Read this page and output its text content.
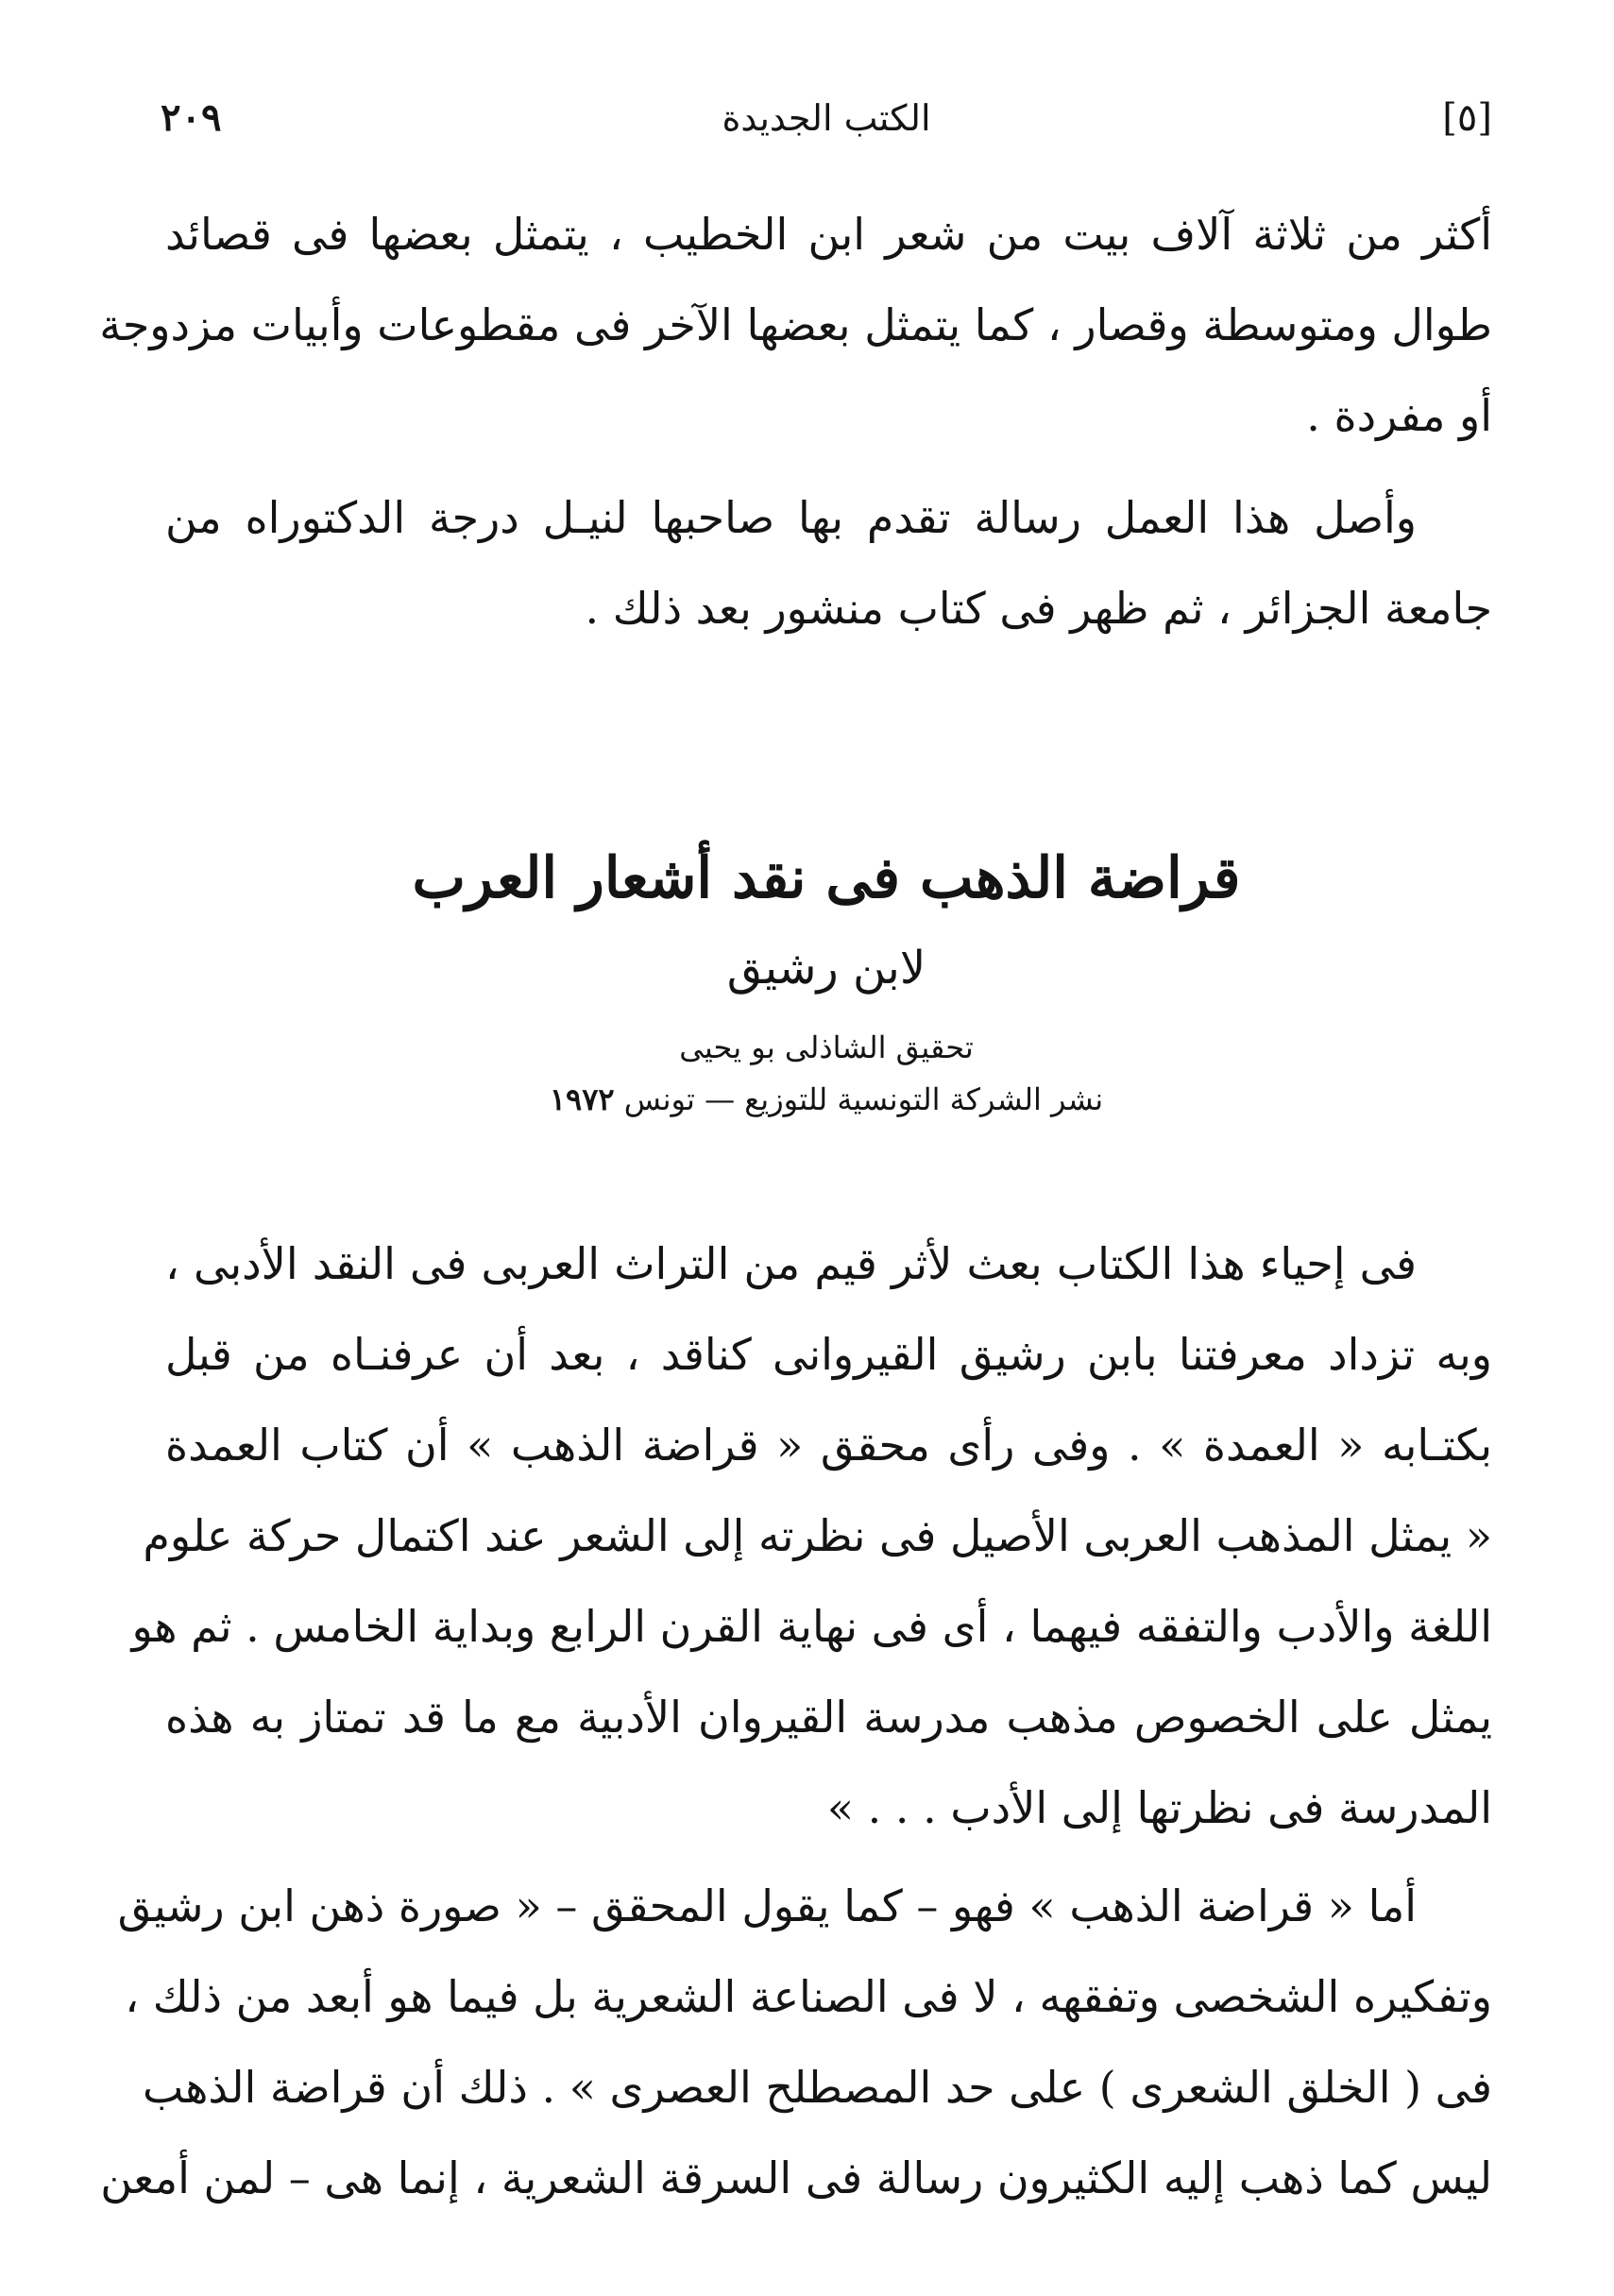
[٥]
الكتب الجديدة
٢٠٩

أكثر من ثلاثة آلاف بيت من شعر ابن الخطيب ، يتمثل بعضها فى قصائد
طوال ومتوسطة وقصار ، كما يتمثل بعضها الآخر فى مقطوعات وأبيات مزدوجة
أو مفردة .

وأصل هذا العمل رسالة تقدم بها صاحبها لنيـل درجة الدكتوراه من
جامعة الجزائر ، ثم ظهر فى كتاب منشور بعد ذلك .

قراضة الذهب فى نقد أشعار العرب
لابن رشيق
تحقيق الشاذلى بو يحيى
نشر الشركة التونسية للتوزيع — تونس ١٩٧٢

فى إحياء هذا الكتاب بعث لأثر قيم من التراث العربى فى النقد الأدبى ،
وبه تزداد معرفتنا بابن رشيق القيروانى كناقد ، بعد أن عرفنـاه من قبل
بكتـابه « العمدة » . وفى رأى محقق « قراضة الذهب » أن كتاب العمدة
« يمثل المذهب العربى الأصيل فى نظرته إلى الشعر عند اكتمال حركة علوم
اللغة والأدب والتفقه فيهما ، أى فى نهاية القرن الرابع وبداية الخامس . ثم هو
يمثل على الخصوص مذهب مدرسة القيروان الأدبية مع ما قد تمتاز به هذه
المدرسة فى نظرتها إلى الأدب . . . »

أما « قراضة الذهب » فهو – كما يقول المحقق – « صورة ذهن ابن رشيق
وتفكيره الشخصى وتفقهه ، لا فى الصناعة الشعرية بل فيما هو أبعد من ذلك ،
فى ( الخلق الشعرى ) على حد المصطلح العصرى » . ذلك أن قراضة الذهب
ليس كما ذهب إليه الكثيرون رسالة فى السرقة الشعرية ، إنما هى – لمن أمعن
